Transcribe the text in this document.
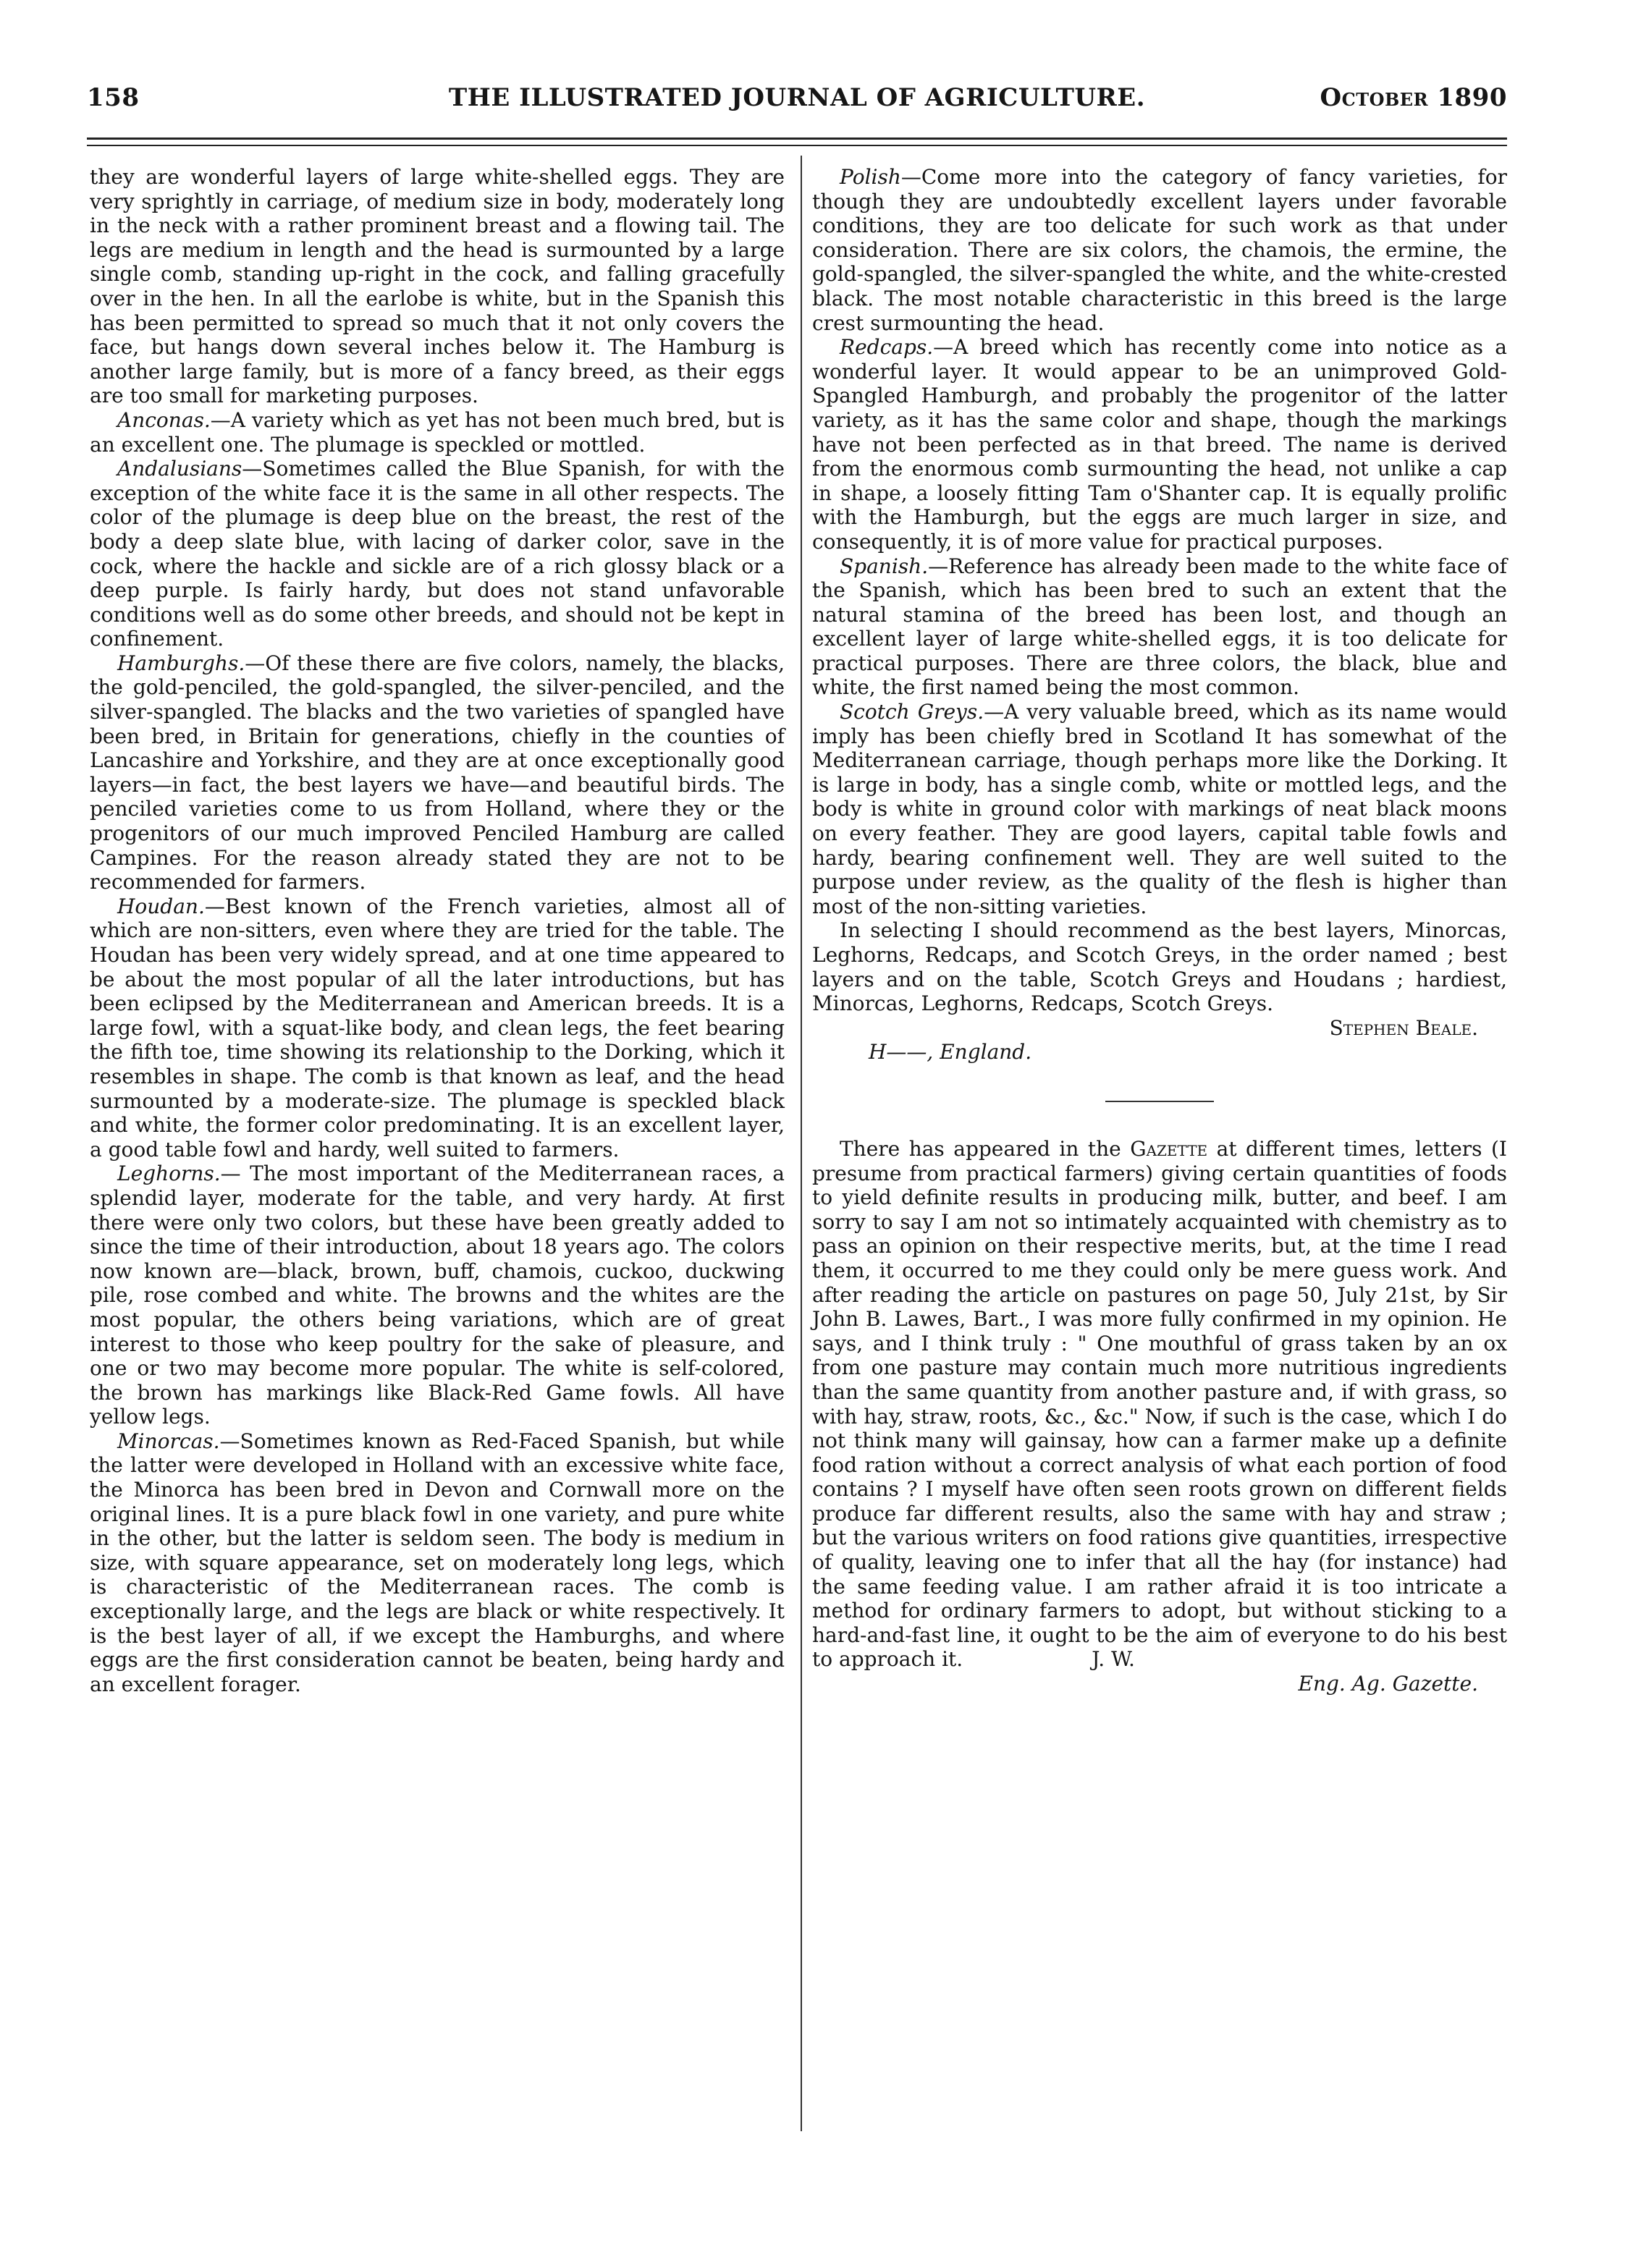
158	THE ILLUSTRATED JOURNAL OF AGRICULTURE.	October 1890

they are wonderful layers of large white-shelled eggs. They are very sprightly in carriage, of medium size in body, moderately long in the neck with a rather prominent breast and a flowing tail. The legs are medium in length and the head is surmounted by a large single comb, standing up-right in the cock, and falling gracefully over in the hen. In all the earlobe is white, but in the Spanish this has been permitted to spread so much that it not only covers the face, but hangs down several inches below it. The Hamburg is another large family, but is more of a fancy breed, as their eggs are too small for marketing purposes.

Anconas.—A variety which as yet has not been much bred, but is an excellent one. The plumage is speckled or mottled.

Andalusians—Sometimes called the Blue Spanish, for with the exception of the white face it is the same in all other respects. The color of the plumage is deep blue on the breast, the rest of the body a deep slate blue, with lacing of darker color, save in the cock, where the hackle and sickle are of a rich glossy black or a deep purple. Is fairly hardy, but does not stand unfavorable conditions well as do some other breeds, and should not be kept in confinement.

Hamburghs.—Of these there are five colors, namely, the blacks, the gold-penciled, the gold-spangled, the silver-penciled, and the silver-spangled. The blacks and the two varieties of spangled have been bred, in Britain for generations, chiefly in the counties of Lancashire and Yorkshire, and they are at once exceptionally good layers—in fact, the best layers we have—and beautiful birds. The penciled varieties come to us from Holland, where they or the progenitors of our much improved Penciled Hamburg are called Campines. For the reason already stated they are not to be recommended for farmers.

Houdan.—Best known of the French varieties, almost all of which are non-sitters, even where they are tried for the table. The Houdan has been very widely spread, and at one time appeared to be about the most popular of all the later introductions, but has been eclipsed by the Mediterranean and American breeds. It is a large fowl, with a squat-like body, and clean legs, the feet bearing the fifth toe, time showing its relationship to the Dorking, which it resembles in shape. The comb is that known as leaf, and the head surmounted by a moderate-size. The plumage is speckled black and white, the former color predominating. It is an excellent layer, a good table fowl and hardy, well suited to farmers.

Leghorns.— The most important of the Mediterranean races, a splendid layer, moderate for the table, and very hardy. At first there were only two colors, but these have been greatly added to since the time of their introduction, about 18 years ago. The colors now known are—black, brown, buff, chamois, cuckoo, duckwing pile, rose combed and white. The browns and the whites are the most popular, the others being variations, which are of great interest to those who keep poultry for the sake of pleasure, and one or two may become more popular. The white is self-colored, the brown has markings like Black-Red Game fowls. All have yellow legs.

Minorcas.—Sometimes known as Red-Faced Spanish, but while the latter were developed in Holland with an excessive white face, the Minorca has been bred in Devon and Cornwall more on the original lines. It is a pure black fowl in one variety, and pure white in the other, but the latter is seldom seen. The body is medium in size, with square appearance, set on moderately long legs, which is characteristic of the Mediterranean races. The comb is exceptionally large, and the legs are black or white respectively. It is the best layer of all, if we except the Hamburghs, and where eggs are the first consideration cannot be beaten, being hardy and an excellent forager.

Polish—Come more into the category of fancy varieties, for though they are undoubtedly excellent layers under favorable conditions, they are too delicate for such work as that under consideration. There are six colors, the chamois, the ermine, the gold-spangled, the silver-spangled the white, and the white-crested black. The most notable characteristic in this breed is the large crest surmounting the head.

Redcaps.—A breed which has recently come into notice as a wonderful layer. It would appear to be an unimproved Gold-Spangled Hamburgh, and probably the progenitor of the latter variety, as it has the same color and shape, though the markings have not been perfected as in that breed. The name is derived from the enormous comb surmounting the head, not unlike a cap in shape, a loosely fitting Tam o'Shanter cap. It is equally prolific with the Hamburgh, but the eggs are much larger in size, and consequently, it is of more value for practical purposes.

Spanish.—Reference has already been made to the white face of the Spanish, which has been bred to such an extent that the natural stamina of the breed has been lost, and though an excellent layer of large white-shelled eggs, it is too delicate for practical purposes. There are three colors, the black, blue and white, the first named being the most common.

Scotch Greys.—A very valuable breed, which as its name would imply has been chiefly bred in Scotland It has somewhat of the Mediterranean carriage, though perhaps more like the Dorking. It is large in body, has a single comb, white or mottled legs, and the body is white in ground color with markings of neat black moons on every feather. They are good layers, capital table fowls and hardy, bearing confinement well. They are well suited to the purpose under review, as the quality of the flesh is higher than most of the non-sitting varieties.

In selecting I should recommend as the best layers, Minorcas, Leghorns, Redcaps, and Scotch Greys, in the order named ; best layers and on the table, Scotch Greys and Houdans ; hardiest, Minorcas, Leghorns, Redcaps, Scotch Greys.

Stephen Beale.

H——, England.

There has appeared in the Gazette at different times, letters (I presume from practical farmers) giving certain quantities of foods to yield definite results in producing milk, butter, and beef. I am sorry to say I am not so intimately acquainted with chemistry as to pass an opinion on their respective merits, but, at the time I read them, it occurred to me they could only be mere guess work. And after reading the article on pastures on page 50, July 21st, by Sir John B. Lawes, Bart., I was more fully confirmed in my opinion. He says, and I think truly : " One mouthful of grass taken by an ox from one pasture may contain much more nutritious ingredients than the same quantity from another pasture and, if with grass, so with hay, straw, roots, &c., &c." Now, if such is the case, which I do not think many will gainsay, how can a farmer make up a definite food ration without a correct analysis of what each portion of food contains ? I myself have often seen roots grown on different fields produce far different results, also the same with hay and straw ; but the various writers on food rations give quantities, irrespective of quality, leaving one to infer that all the hay (for instance) had the same feeding value. I am rather afraid it is too intricate a method for ordinary farmers to adopt, but without sticking to a hard-and-fast line, it ought to be the aim of everyone to do his best to approach it.	J. W.

Eng. Ag. Gazette.
